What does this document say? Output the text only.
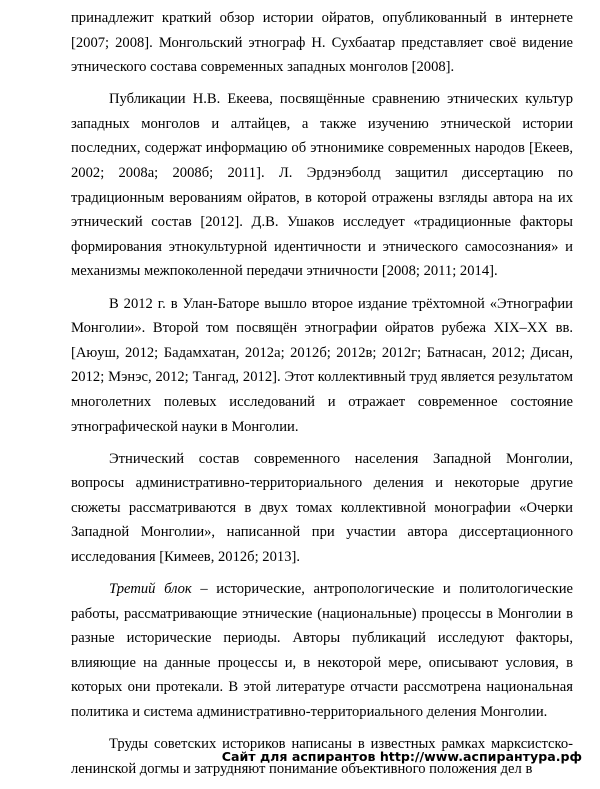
принадлежит краткий обзор истории ойратов, опубликованный в интернете [2007; 2008]. Монгольский этнограф Н. Сухбаатар представляет своё видение этнического состава современных западных монголов [2008].

Публикации Н.В. Екеева, посвящённые сравнению этнических культур западных монголов и алтайцев, а также изучению этнической истории последних, содержат информацию об этнонимике современных народов [Екеев, 2002; 2008а; 2008б; 2011]. Л. Эрдэнэболд защитил диссертацию по традиционным верованиям ойратов, в которой отражены взгляды автора на их этнический состав [2012]. Д.В. Ушаков исследует «традиционные факторы формирования этнокультурной идентичности и этнического самосознания» и механизмы межпоколенной передачи этничности [2008; 2011; 2014].

В 2012 г. в Улан-Баторе вышло второе издание трёхтомной «Этнографии Монголии». Второй том посвящён этнографии ойратов рубежа XIX–XX вв. [Аюуш, 2012; Бадамхатан, 2012а; 2012б; 2012в; 2012г; Батнасан, 2012; Дисан, 2012; Мэнэс, 2012; Тангад, 2012]. Этот коллективный труд является результатом многолетних полевых исследований и отражает современное состояние этнографической науки в Монголии.

Этнический состав современного населения Западной Монголии, вопросы административно-территориального деления и некоторые другие сюжеты рассматриваются в двух томах коллективной монографии «Очерки Западной Монголии», написанной при участии автора диссертационного исследования [Кимеев, 2012б; 2013].

Третий блок – исторические, антропологические и политологические работы, рассматривающие этнические (национальные) процессы в Монголии в разные исторические периоды. Авторы публикаций исследуют факторы, влияющие на данные процессы и, в некоторой мере, описывают условия, в которых они протекали. В этой литературе отчасти рассмотрена национальная политика и система административно-территориального деления Монголии.

Труды советских историков написаны в известных рамках марксистско-ленинской догмы и затрудняют понимание объективного положения дел в

Сайт для аспирантов http://www.аспирантура.рф
